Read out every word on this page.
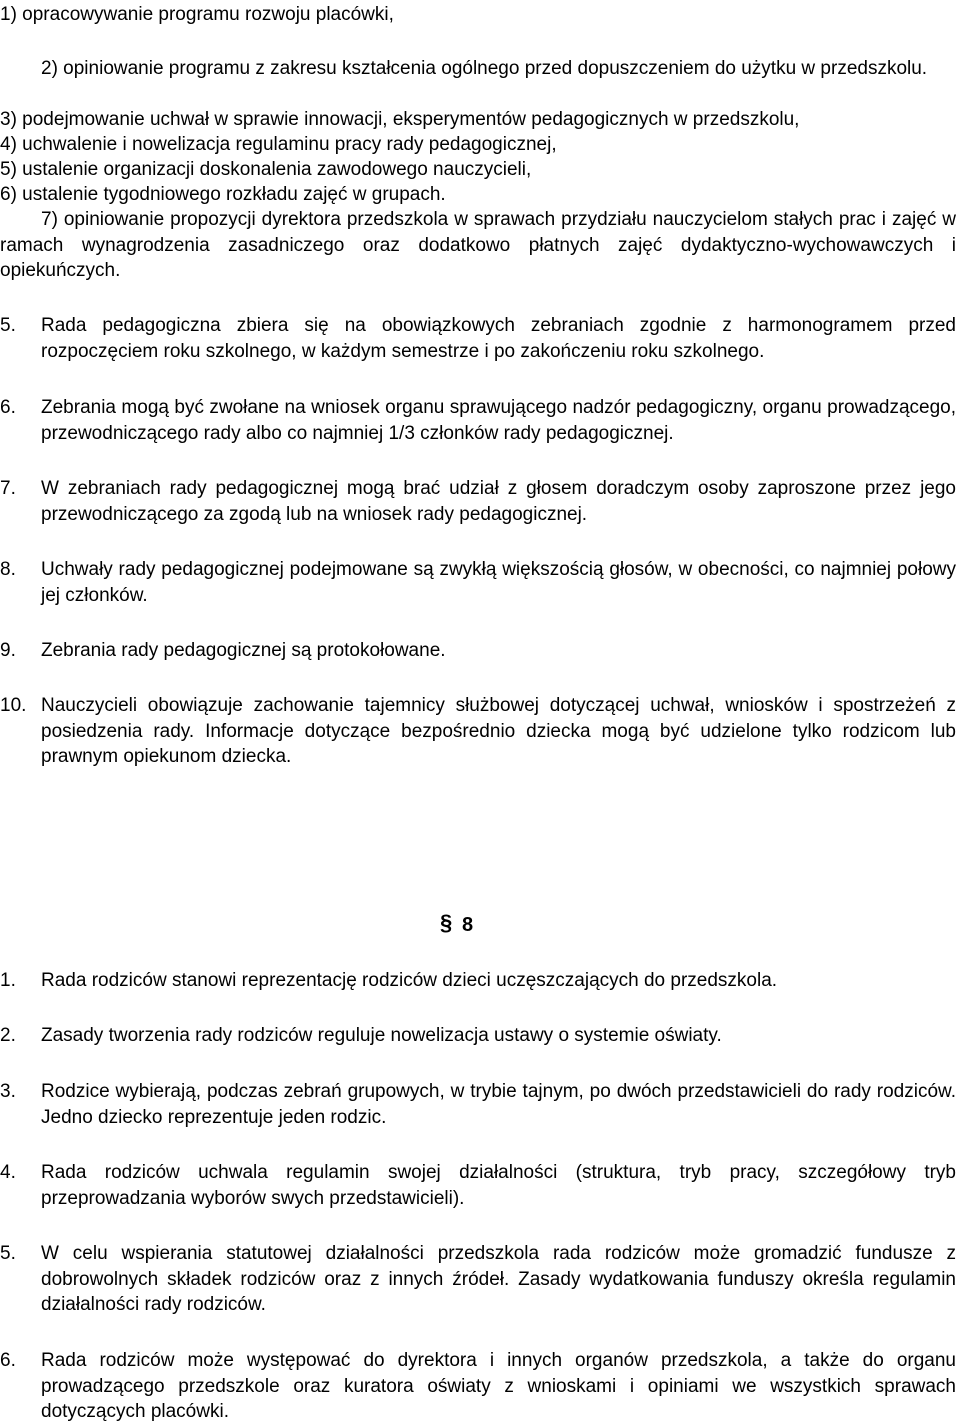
1) opracowywanie programu rozwoju placówki,
2) opiniowanie programu z zakresu kształcenia ogólnego przed dopuszczeniem do użytku w przedszkolu.
3) podejmowanie uchwał w sprawie innowacji, eksperymentów pedagogicznych w przedszkolu,
4) uchwalenie i nowelizacja regulaminu pracy rady pedagogicznej,
5) ustalenie organizacji doskonalenia zawodowego nauczycieli,
6) ustalenie tygodniowego rozkładu zajęć w grupach.
7) opiniowanie propozycji dyrektora przedszkola w sprawach przydziału nauczycielom stałych prac i zajęć w ramach wynagrodzenia zasadniczego oraz dodatkowo płatnych zajęć dydaktyczno-wychowawczych i opiekuńczych.
5. Rada pedagogiczna zbiera się na obowiązkowych zebraniach zgodnie z harmonogramem przed rozpoczęciem roku szkolnego, w każdym semestrze i po zakończeniu roku szkolnego.
6. Zebrania mogą być zwołane na wniosek organu sprawującego nadzór pedagogiczny, organu prowadzącego, przewodniczącego rady albo co najmniej 1/3 członków rady pedagogicznej.
7. W zebraniach rady pedagogicznej mogą brać udział z głosem doradczym osoby zaproszone przez jego przewodniczącego za zgodą lub na wniosek rady pedagogicznej.
8. Uchwały rady pedagogicznej podejmowane są zwykłą większością głosów, w obecności, co najmniej połowy jej członków.
9. Zebrania rady pedagogicznej są protokołowane.
10. Nauczycieli obowiązuje zachowanie tajemnicy służbowej dotyczącej uchwał, wniosków i spostrzeżeń z posiedzenia rady. Informacje dotyczące bezpośrednio dziecka mogą być udzielone tylko rodzicom lub prawnym opiekunom dziecka.
§ 8
1. Rada rodziców stanowi reprezentację rodziców dzieci uczęszczających do przedszkola.
2. Zasady tworzenia rady rodziców reguluje nowelizacja ustawy o systemie oświaty.
3. Rodzice wybierają, podczas zebrań grupowych, w trybie tajnym, po dwóch przedstawicieli do rady rodziców. Jedno dziecko reprezentuje jeden rodzic.
4. Rada rodziców uchwala regulamin swojej działalności (struktura, tryb pracy, szczegółowy tryb przeprowadzania wyborów swych przedstawicieli).
5. W celu wspierania statutowej działalności przedszkola rada rodziców może gromadzić fundusze z dobrowolnych składek rodziców oraz z innych źródeł. Zasady wydatkowania funduszy określa regulamin działalności rady rodziców.
6. Rada rodziców może występować do dyrektora i innych organów przedszkola, a także do organu prowadzącego przedszkole oraz kuratora oświaty z wnioskami i opiniami we wszystkich sprawach dotyczących placówki.
